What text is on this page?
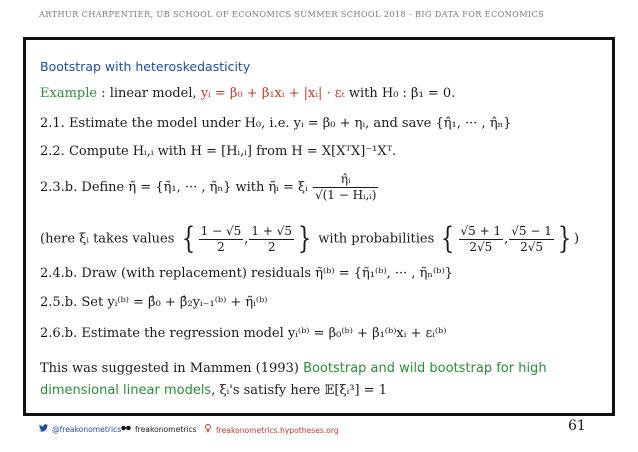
ARTHUR CHARPENTIER, UB SCHOOL OF ECONOMICS SUMMER SCHOOL 2018 - BIG DATA FOR ECONOMICS
Bootstrap with heteroskedasticity
Example : linear model, yᵢ = β₀ + β₁xᵢ + |xᵢ| · εₜ with H₀ : β₁ = 0.
2.1. Estimate the model under H₀, i.e. yᵢ = β₀ + ηᵢ, and save {η̂₁, ··· , η̂ₙ}
2.2. Compute Hᵢ,ᵢ with H = [Hᵢ,ᵢ] from H = X[XᵀX]⁻¹Xᵀ.
2.3.b. Define η̃ = {η̃₁, ··· , η̃ₙ} with η̃ᵢ = ξᵢ $\frac{\text{η̂ᵢ}}{\text{√(1 − Hᵢ,ᵢ)}}$
(here ξᵢ takes values { $\frac{1 - √5}{2}$ , $\frac{1 + √5}{2}$ } with probabilities { $\frac{√5 + 1}{2√5}$ , $\frac{√5 - 1}{2√5}$ } )
2.4.b. Draw (with replacement) residuals η̃⁽ᵇ⁾ = {η̃₁⁽ᵇ⁾, ··· , η̃ₙ⁽ᵇ⁾}
2.5.b. Set yᵢ⁽ᵇ⁾ = β̂₀ + β̂₂yᵢ₋₁⁽ᵇ⁾ + η̃ᵢ⁽ᵇ⁾
2.6.b. Estimate the regression model yᵢ⁽ᵇ⁾ = β₀⁽ᵇ⁾ + β₁⁽ᵇ⁾xᵢ + εᵢ⁽ᵇ⁾
This was suggested in Mammen (1993) Bootstrap and wild bootstrap for high
dimensional linear models, ξᵢ's satisfy here 𝔼[ξᵢ³] = 1
@freakonometrics	freakonometrics	freakonometrics.hypotheses.org	61
